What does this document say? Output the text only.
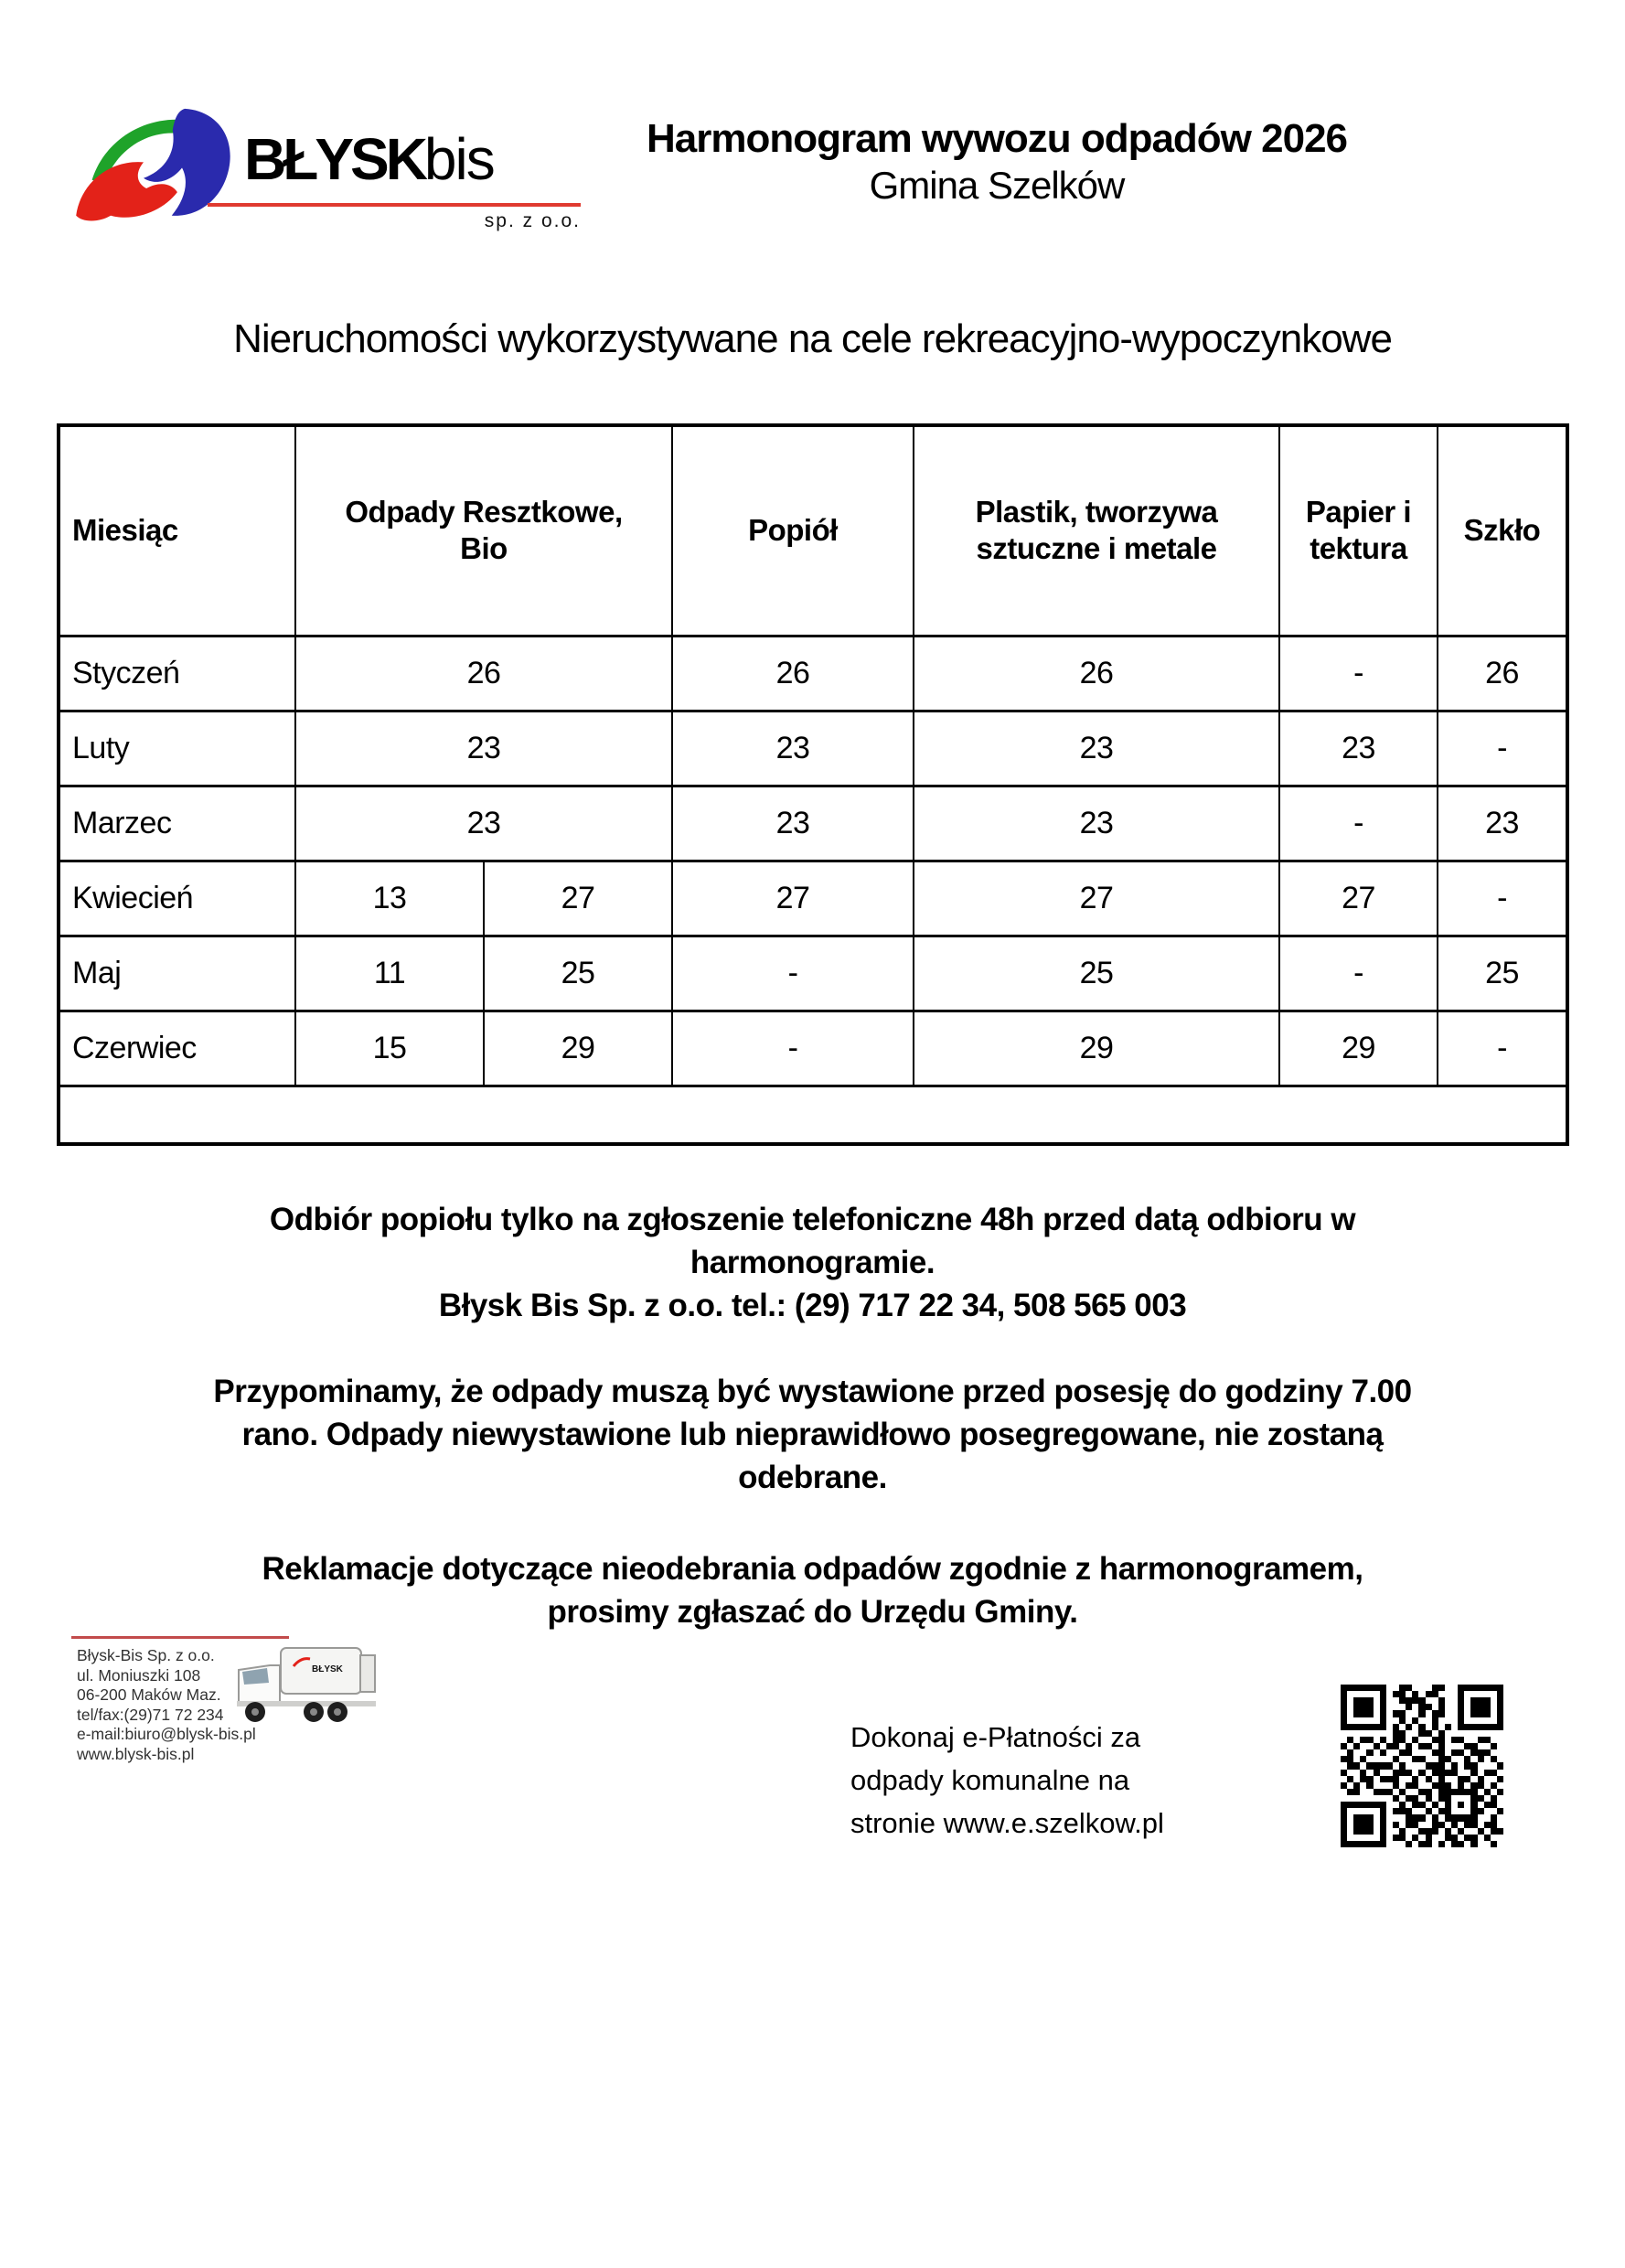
BŁYSKbis
sp. z o.o.
Harmonogram wywozu odpadów 2026
Gmina Szelków
Nieruchomości wykorzystywane na cele rekreacyjno-wypoczynkowe
Miesiąc	Odpady Resztkowe,
Bio		Popiół	Plastik, tworzywa
sztuczne i metale	Papier i
tektura	Szkło

Styczeń	26		26	26	-	26
Luty	23		23	23	23	-
Marzec	23		23	23	-	23
Kwiecień	13	27	27	27	27	-
Maj	11	25	-	25	-	25
Czerwiec	15	29	-	29	29	-

Odbiór popiołu tylko na zgłoszenie telefoniczne 48h przed datą odbioru w
harmonogramie.
Błysk Bis Sp. z o.o. tel.: (29) 717 22 34, 508 565 003
Przypominamy, że odpady muszą być wystawione przed posesję do godziny 7.00
rano. Odpady niewystawione lub nieprawidłowo posegregowane, nie zostaną
odebrane.
Reklamacje dotyczące nieodebrania odpadów zgodnie z harmonogramem,
prosimy zgłaszać do Urzędu Gminy.
Błysk-Bis Sp. z o.o.
ul. Moniuszki 108
06-200 Maków Maz.
tel/fax:(29)71 72 234
e-mail:biuro@blysk-bis.pl
www.blysk-bis.pl
BŁYSK
Dokonaj e-Płatności za
odpady komunalne na
stronie www.e.szelkow.pl
